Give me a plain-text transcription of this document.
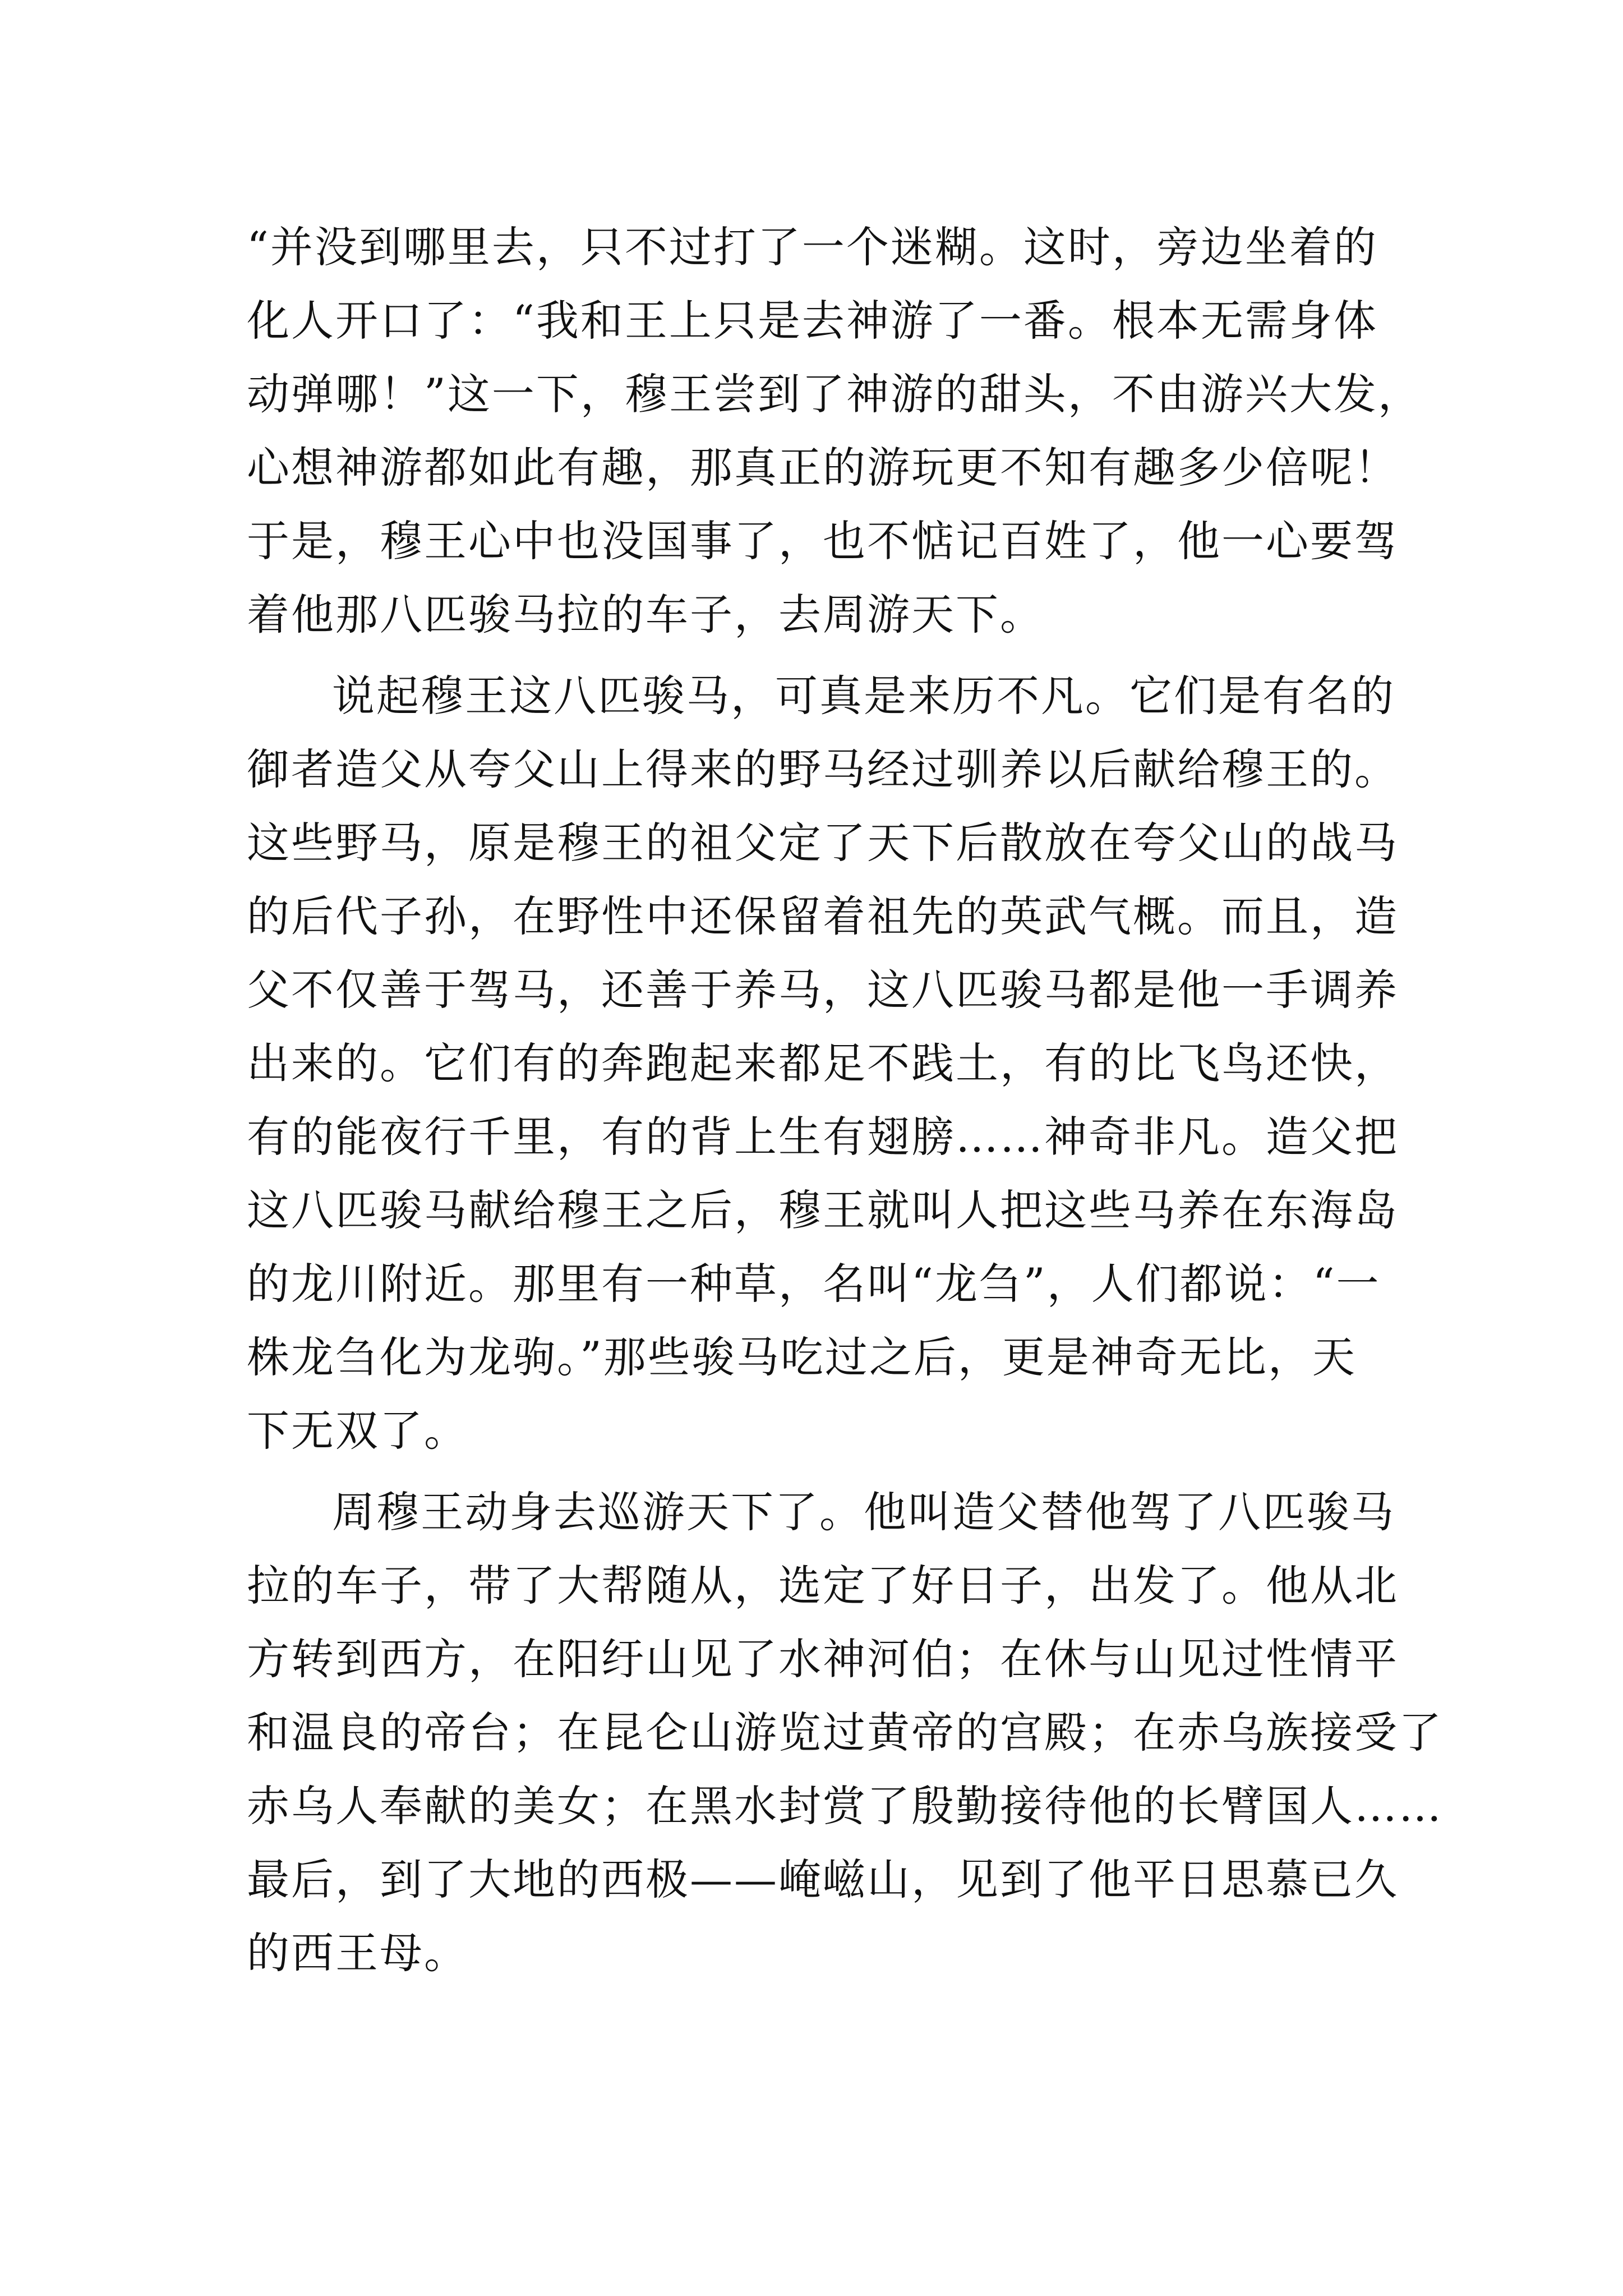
“并没到哪里去，只不过打了一个迷糊。这时，旁边坐着的
化人开口了：“我和王上只是去神游了一番。根本无需身体
动弹哪！”这一下，穆王尝到了神游的甜头，不由游兴大发，
心想神游都如此有趣，那真正的游玩更不知有趣多少倍呢！
于是，穆王心中也没国事了，也不惦记百姓了，他一心要驾
着他那八匹骏马拉的车子，去周游天下。
说起穆王这八匹骏马，可真是来历不凡。它们是有名的
御者造父从夸父山上得来的野马经过驯养以后献给穆王的。
这些野马，原是穆王的祖父定了天下后散放在夸父山的战马
的后代子孙，在野性中还保留着祖先的英武气概。而且，造
父不仅善于驾马，还善于养马，这八匹骏马都是他一手调养
出来的。它们有的奔跑起来都足不践土，有的比飞鸟还快，
有的能夜行千里，有的背上生有翅膀……神奇非凡。造父把
这八匹骏马献给穆王之后，穆王就叫人把这些马养在东海岛
的龙川附近。那里有一种草，名叫“龙刍”，人们都说：“一
株龙刍化为龙驹。”那些骏马吃过之后，更是神奇无比，天
下无双了。
周穆王动身去巡游天下了。他叫造父替他驾了八匹骏马
拉的车子，带了大帮随从，选定了好日子，出发了。他从北
方转到西方，在阳纡山见了水神河伯；在休与山见过性情平
和温良的帝台；在昆仑山游览过黄帝的宫殿；在赤乌族接受了
赤乌人奉献的美女；在黑水封赏了殷勤接待他的长臂国人……
最后，到了大地的西极——崦嵫山，见到了他平日思慕已久
的西王母。
